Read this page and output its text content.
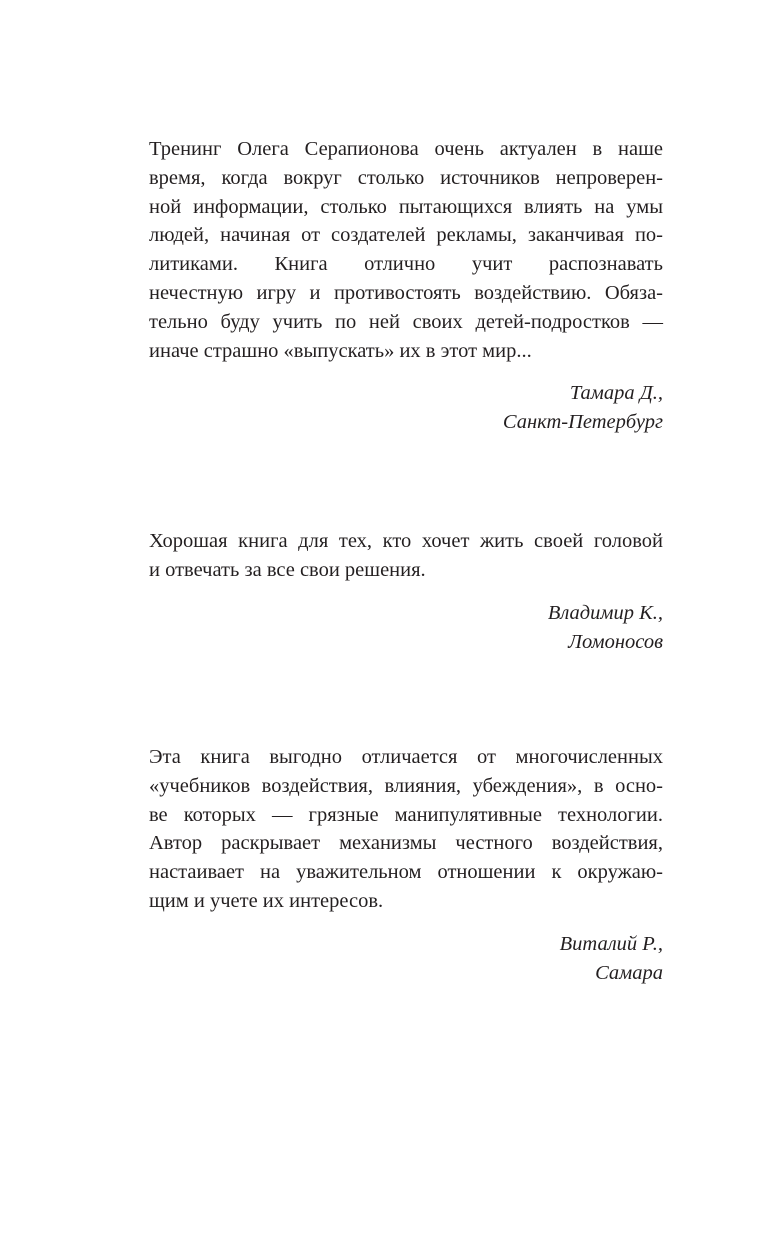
Тренинг Олега Серапионова очень актуален в наше
время, когда вокруг столько источников непроверен-
ной информации, столько пытающихся влиять на умы
людей, начиная от создателей рекламы, заканчивая по-
литиками. Книга отлично учит распознавать
нечестную игру и противостоять воздействию. Обяза-
тельно буду учить по ней своих детей-подростков —
иначе страшно «выпускать» их в этот мир...

Тамара Д.,
Санкт-Петербург

Хорошая книга для тех, кто хочет жить своей головой
и отвечать за все свои решения.

Владимир К.,
Ломоносов

Эта книга выгодно отличается от многочисленных
«учебников воздействия, влияния, убеждения», в осно-
ве которых — грязные манипулятивные технологии.
Автор раскрывает механизмы честного воздействия,
настаивает на уважительном отношении к окружаю-
щим и учете их интересов.

Виталий Р.,
Самара
